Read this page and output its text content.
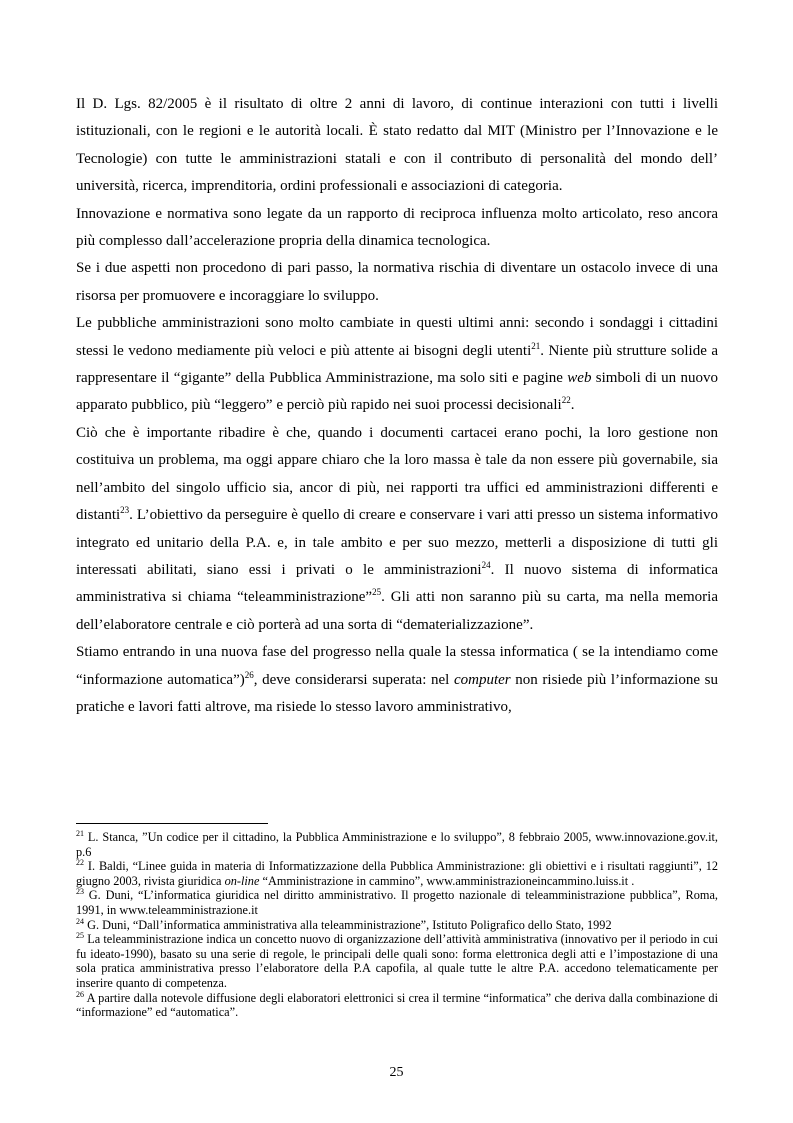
Il D. Lgs. 82/2005 è il risultato di oltre 2 anni di lavoro, di continue interazioni con tutti i livelli istituzionali, con le regioni e le autorità locali. È stato redatto dal MIT (Ministro per l’Innovazione e le Tecnologie) con tutte le amministrazioni statali e con il contributo di personalità del mondo dell’ università, ricerca, imprenditoria, ordini professionali e associazioni di categoria.

Innovazione e normativa sono legate da un rapporto di reciproca influenza molto articolato, reso ancora più complesso dall’accelerazione propria della dinamica tecnologica.

Se i due aspetti non procedono di pari passo, la normativa rischia di diventare un ostacolo invece di una risorsa per promuovere e incoraggiare lo sviluppo.

Le pubbliche amministrazioni sono molto cambiate in questi ultimi anni: secondo i sondaggi i cittadini stessi le vedono mediamente più veloci e più attente ai bisogni degli utenti$^{21}$. Niente più strutture solide a rappresentare il “gigante” della Pubblica Amministrazione, ma solo siti e pagine web simboli di un nuovo apparato pubblico, più “leggero” e perciò più rapido nei suoi processi decisionali$^{22}$.

Ciò che è importante ribadire è che, quando i documenti cartacei erano pochi, la loro gestione non costituiva un problema, ma oggi appare chiaro che la loro massa è tale da non essere più governabile, sia nell’ambito del singolo ufficio sia, ancor di più, nei rapporti tra uffici ed amministrazioni differenti e distanti$^{23}$. L’obiettivo da perseguire è quello di creare e conservare i vari atti presso un sistema informativo integrato ed unitario della P.A. e, in tale ambito e per suo mezzo, metterli a disposizione di tutti gli interessati abilitati, siano essi i privati o le amministrazioni$^{24}$. Il nuovo sistema di informatica amministrativa si chiama “teleamministrazione”$^{25}$. Gli atti non saranno più su carta, ma nella memoria dell’elaboratore centrale e ciò porterà ad una sorta di “dematerializzazione”.

Stiamo entrando in una nuova fase del progresso nella quale la stessa informatica ( se la intendiamo come “informazione automatica”)$^{26}$, deve considerarsi superata: nel computer non risiede più l’informazione su pratiche e lavori fatti altrove, ma risiede lo stesso lavoro amministrativo,

$^{21}$ L. Stanca, ”Un codice per il cittadino, la Pubblica Amministrazione e lo sviluppo”, 8 febbraio 2005, www.innovazione.gov.it, p.6

$^{22}$ I. Baldi, “Linee guida in materia di Informatizzazione della Pubblica Amministrazione: gli obiettivi e i risultati raggiunti”, 12 giugno 2003, rivista giuridica on-line “Amministrazione in cammino”, www.amministrazioneincammino.luiss.it .

$^{23}$ G. Duni, “L’informatica giuridica nel diritto amministrativo. Il progetto nazionale di teleamministrazione pubblica”, Roma, 1991, in www.teleamministrazione.it

$^{24}$ G. Duni, “Dall’informatica amministrativa alla teleamministrazione”, Istituto Poligrafico dello Stato, 1992

$^{25}$ La teleamministrazione indica un concetto nuovo di organizzazione dell’attività amministrativa (innovativo per il periodo in cui fu ideato-1990), basato su una serie di regole, le principali delle quali sono: forma elettronica degli atti e l’impostazione di una sola pratica amministrativa presso l’elaboratore della P.A capofila, al quale tutte le altre P.A. accedono telematicamente per inserire quanto di competenza.

$^{26}$ A partire dalla notevole diffusione degli elaboratori elettronici si crea il termine “informatica” che deriva dalla combinazione di “informazione” ed “automatica”.

25
